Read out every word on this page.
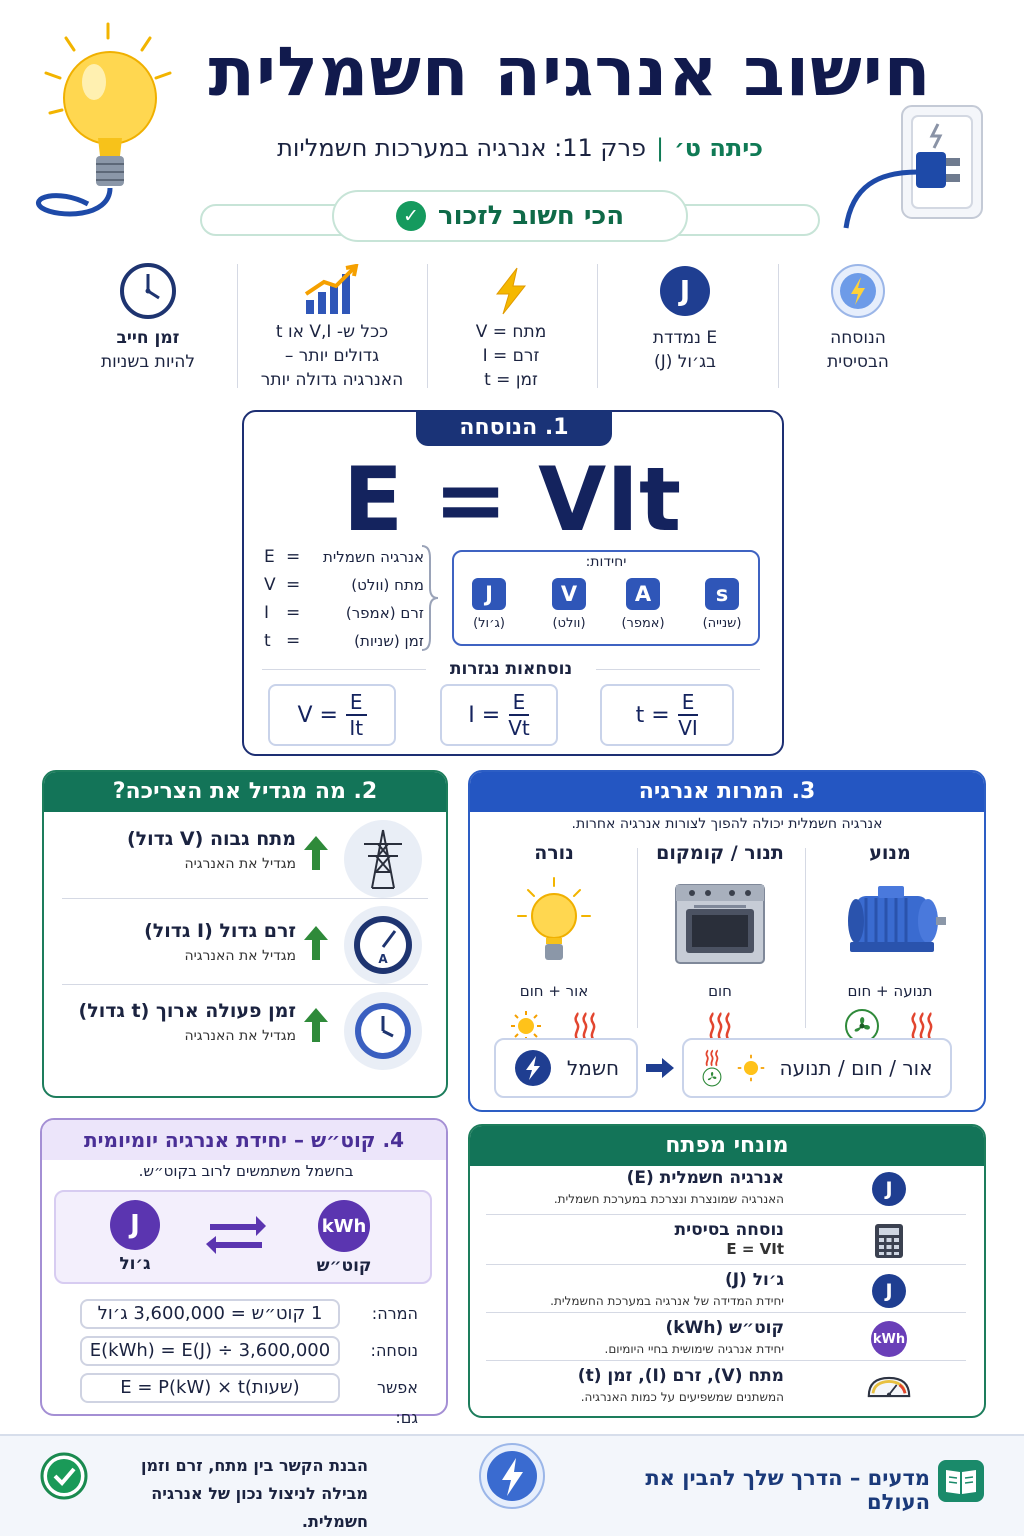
חישוב אנרגיה חשמלית
כיתה ט׳|פרק 11: אנרגיה במערכות חשמליות
הכי חשוב לזכור
✓
הנוסחה
הבסיסית
J
E נמדדת
בג׳ול (J)
מתח = V
זרם = I
זמן = t
ככל ש- V,I או t
גדולים יותר –
האנרגיה גדולה יותר
זמן חייב
להיות בשניות
1. הנוסחה
E = VIt
E = אנרגיה חשמלית
V =	מתח (וולט)
I =	זרם (אמפר)
t =	זמן (שניות)
יחידות:
J
(ג׳ול)
V
(וולט)
A
(אמפר)
s
(שנייה)
נוסחאות נגזרות
$V = \frac{E}{It}$	$I = \frac{E}{Vt}$	$t = \frac{E}{VI}$
2. מה מגדיל את הצריכה?
מתח גבוה (V גדול)
מגדיל את האנרגיה
זרם גדול (I גדול)
מגדיל את האנרגיה	A
זמן פעולה ארוך (t גדול)
מגדיל את האנרגיה
3. המרות אנרגיה
אנרגיה חשמלית יכולה להפוך לצורות אנרגיה אחרות.
נורה
אור + חום
תנור / קומקום
חום
מנוע
תנועה + חום
חשמל	אור / חום / תנועה
4. קוט״ש – יחידת אנרגיה יומיומית
בחשמל משתמשים לרוב בקוט״ש.
J
ג׳ול
kWh
קוט״ש
המרה:
1 קוט״ש = 3,600,000 ג׳ול
נוסחה:
E(kWh) = E(J) ÷ 3,600,000
אפשר גם:
E = P(kW) × t(שעות)
מונחי מפתח
אנרגיה חשמלית (E)
האנרגיה שמונצרת ונצרכת במערכת חשמלית.	J
נוסחה בסיסית
E = VIt
ג׳ול (J)
יחידת המדידה של אנרגיה במערכת החשמלית.	J
קוט״ש (kWh)
יחידת אנרגיה שימושית בחיי היומיום.
kWh
מתח (V), זרם (I), זמן (t)
המשתנים שמשפיעים על כמות האנרגיה.
הבנת הקשר בין מתח, זרם וזמן
מבילה לניצול נכון של אנרגיה חשמלית.
מדעים – הדרך שלך להבין את העולם
